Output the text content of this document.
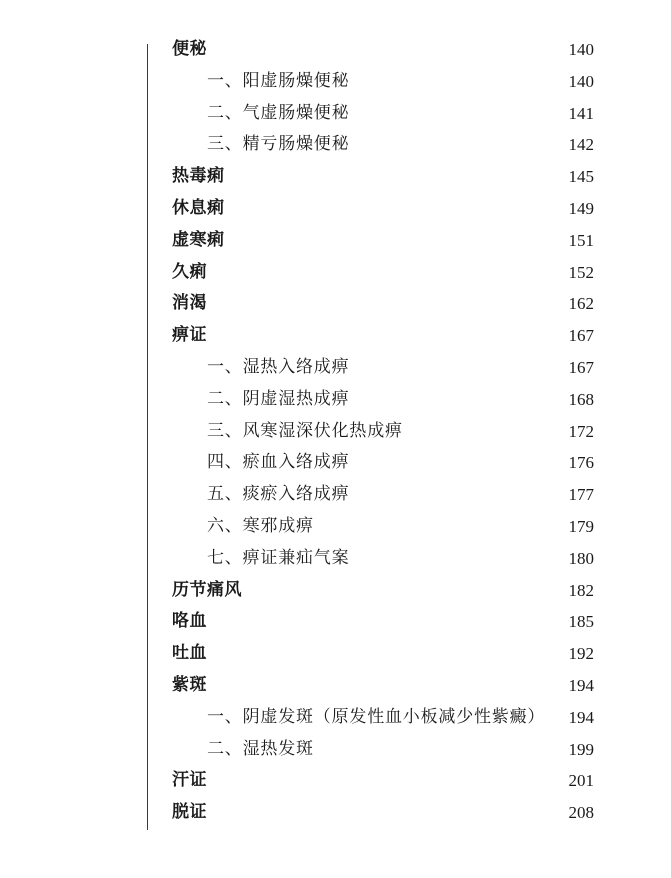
便秘	140
一、阳虚肠燥便秘	140
二、气虚肠燥便秘	141
三、精亏肠燥便秘	142
热毒痢	145
休息痢	149
虚寒痢	151
久痢	152
消渴	162
痹证	167
一、湿热入络成痹	167
二、阴虚湿热成痹	168
三、风寒湿深伏化热成痹	172
四、瘀血入络成痹	176
五、痰瘀入络成痹	177
六、寒邪成痹	179
七、痹证兼疝气案	180
历节痛风	182
咯血	185
吐血	192
紫斑	194
一、阴虚发斑（原发性血小板减少性紫癜） 194
二、湿热发斑	199
汗证	201
脱证	208
